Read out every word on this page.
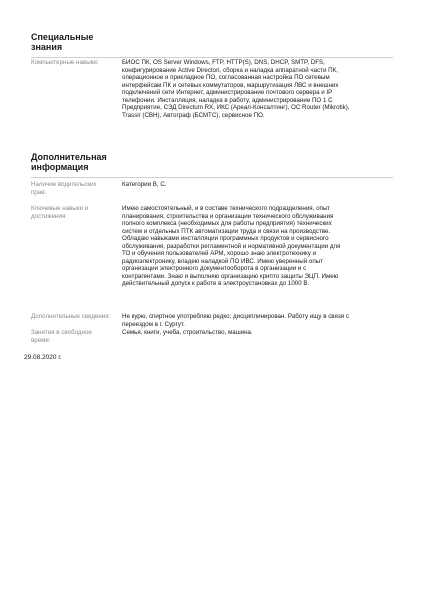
Специальные знания
Компьютерные навыки:	БИОС ПК, OS Server Windows, FTP, HTTP(S), DNS, DHCP, SMTP, DFS, конфигурирование Active Directori, сборка и наладка аппаратной части ПК, операционное и прикладное ПО, согласованная настройка ПО сетевым интерфейсам ПК и сетевых коммутаторов, маршрутизация ЛВС и внешних подключений сети Интернет, администрирование почтового сервера и IP телефонии. Инсталляция, наладка в работу, администрирование ПО 1 С Предприятие, СЭД Directum RX, ИКС (Ареал-Консалтинг), ОС Router (Mikrotik), Trassir (СВН), Автограф (БСМТС), сервисное ПО.
Дополнительная информация
Наличие водительских прав:
Категории B, C.
Ключевые навыки и достижения:
Имею самостоятельный, и в составе технического подразделения, опыт планирования, строительства и организации технического обслуживания полного комплекса (необходимых для работы предприятия) технических систем и отдельных ПТК автоматизации труда и связи на производстве. Обладаю навыками инсталляции программных продуктов и сервисного обслуживания, разработки регламентной и нормативной документации для ТО и обучения пользователей АРМ, хорошо знаю электротехнику и радиоэлектронику, владею наладкой ПО ИВС. Имею уверенный опыт организации электронного документооборота в организации и с контрагентами. Знаю и выполняю организацию крипто защиты ЭЦП. Имею действительный допуск к работе в электроустановках до 1000 В.
Дополнительные сведения:	Не курю, спиртное употребляю редко, дисциплинирован. Работу ищу в связи с переездом в г. Сургут.
Занятия в свободное время:
Семья, книги, учеба, строительство, машина.
29.08.2020 г.
